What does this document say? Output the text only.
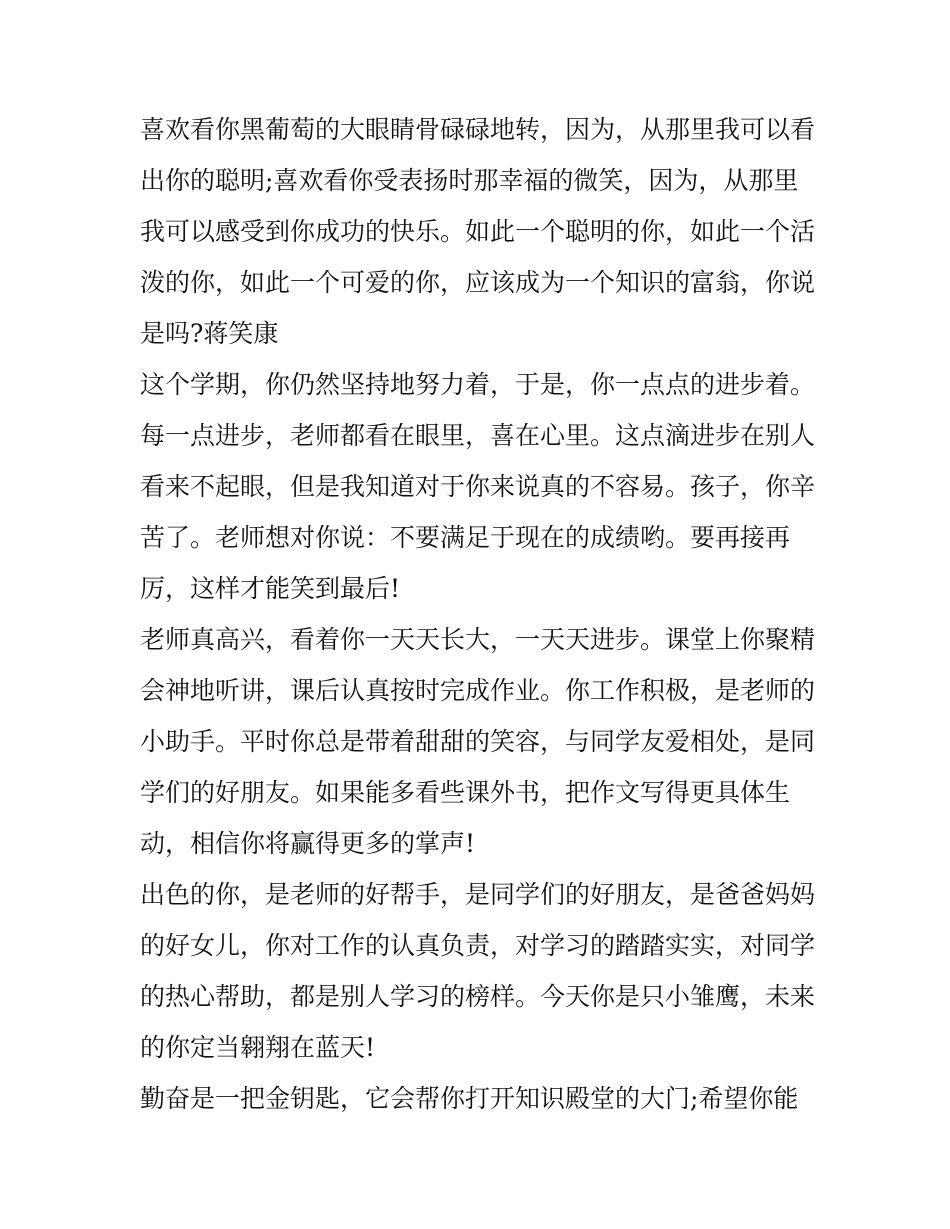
喜欢看你黑葡萄的大眼睛骨碌碌地转，因为，从那里我可以看出你的聪明;喜欢看你受表扬时那幸福的微笑，因为，从那里我可以感受到你成功的快乐。如此一个聪明的你，如此一个活泼的你，如此一个可爱的你，应该成为一个知识的富翁，你说是吗?蒋笑康

这个学期，你仍然坚持地努力着，于是，你一点点的进步着。每一点进步，老师都看在眼里，喜在心里。这点滴进步在别人看来不起眼，但是我知道对于你来说真的不容易。孩子，你辛苦了。老师想对你说：不要满足于现在的成绩哟。要再接再厉，这样才能笑到最后!

老师真高兴，看着你一天天长大，一天天进步。课堂上你聚精会神地听讲，课后认真按时完成作业。你工作积极，是老师的小助手。平时你总是带着甜甜的笑容，与同学友爱相处，是同学们的好朋友。如果能多看些课外书，把作文写得更具体生动，相信你将赢得更多的掌声!

出色的你，是老师的好帮手，是同学们的好朋友，是爸爸妈妈的好女儿，你对工作的认真负责，对学习的踏踏实实，对同学的热心帮助，都是别人学习的榜样。今天你是只小雏鹰，未来的你定当翱翔在蓝天!

勤奋是一把金钥匙，它会帮你打开知识殿堂的大门;希望你能
